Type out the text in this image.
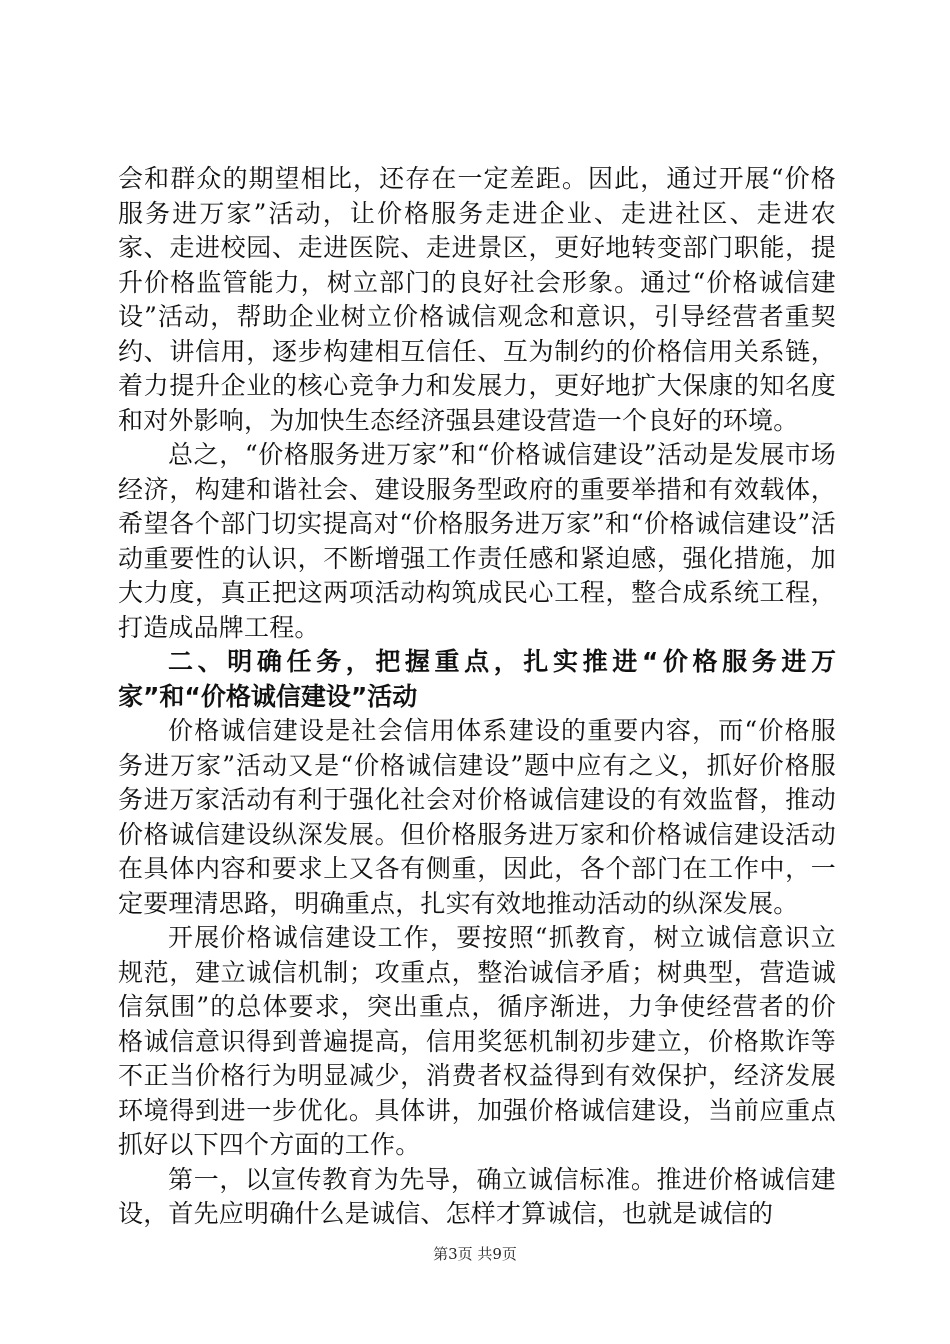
会和群众的期望相比，还存在一定差距。因此，通过开展“价格服务进万家”活动，让价格服务走进企业、走进社区、走进农家、走进校园、走进医院、走进景区，更好地转变部门职能，提升价格监管能力，树立部门的良好社会形象。通过“价格诚信建设”活动，帮助企业树立价格诚信观念和意识，引导经营者重契约、讲信用，逐步构建相互信任、互为制约的价格信用关系链，着力提升企业的核心竞争力和发展力，更好地扩大保康的知名度和对外影响，为加快生态经济强县建设营造一个良好的环境。

总之，“价格服务进万家”和“价格诚信建设”活动是发展市场经济，构建和谐社会、建设服务型政府的重要举措和有效载体，希望各个部门切实提高对“价格服务进万家”和“价格诚信建设”活动重要性的认识，不断增强工作责任感和紧迫感，强化措施，加大力度，真正把这两项活动构筑成民心工程，整合成系统工程，打造成品牌工程。

二、明确任务，把握重点，扎实推进“价格服务进万家”和“价格诚信建设”活动

价格诚信建设是社会信用体系建设的重要内容，而“价格服务进万家”活动又是“价格诚信建设”题中应有之义，抓好价格服务进万家活动有利于强化社会对价格诚信建设的有效监督，推动价格诚信建设纵深发展。但价格服务进万家和价格诚信建设活动在具体内容和要求上又各有侧重，因此，各个部门在工作中，一定要理清思路，明确重点，扎实有效地推动活动的纵深发展。

开展价格诚信建设工作，要按照“抓教育，树立诚信意识立规范，建立诚信机制；攻重点，整治诚信矛盾；树典型，营造诚信氛围”的总体要求，突出重点，循序渐进，力争使经营者的价格诚信意识得到普遍提高，信用奖惩机制初步建立，价格欺诈等不正当价格行为明显减少，消费者权益得到有效保护，经济发展环境得到进一步优化。具体讲，加强价格诚信建设，当前应重点抓好以下四个方面的工作。

第一，以宣传教育为先导，确立诚信标准。推进价格诚信建设，首先应明确什么是诚信、怎样才算诚信，也就是诚信的

第3页 共9页
